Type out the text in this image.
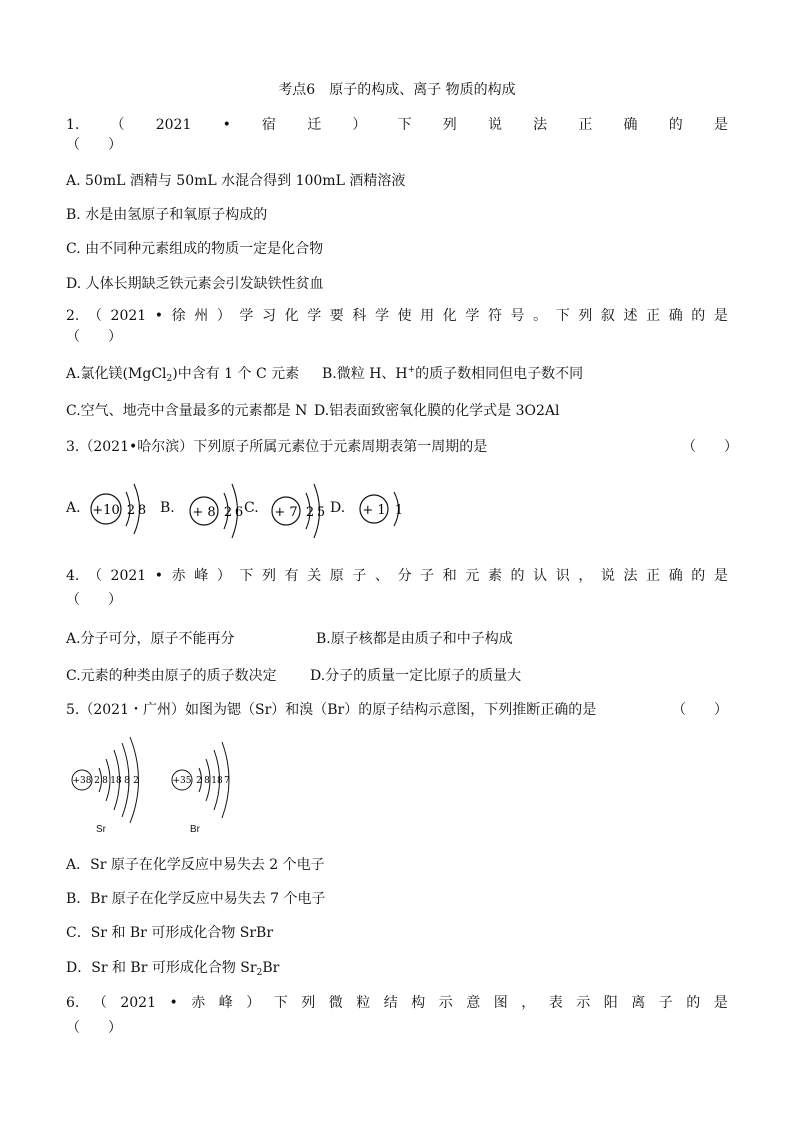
考点6　原子的构成、离子 物质的构成
1. （ 2021 • 宿 迁 ） 下 列 说 法 正 确 的 是
（　　）
A. 50mL 酒精与 50mL 水混合得到 100mL 酒精溶液
B. 水是由氢原子和氧原子构成的
C. 由不同种元素组成的物质一定是化合物
D. 人体长期缺乏铁元素会引发缺铁性贫血
2. （ 2021 • 徐 州 ） 学 习 化 学 要 科 学 使 用 化 学 符 号 。 下 列 叙 述 正 确 的 是
（　　）
A.氯化镁(MgCl$_2$)中含有 1 个 C 元素 B.微粒 H、H+的质子数相同但电子数不同
C.空气、地壳中含量最多的元素都是 N D.铝表面致密氧化膜的化学式是 3O2Al
3.（2021•哈尔滨）下列原子所属元素位于元素周期表第一周期的是	（　　）
A. +10 2 8 B. + 8 2 6 C. + 7 2 5 D. + 1 1
4. （ 2021 • 赤 峰 ） 下 列 有 关 原 子 、 分 子 和 元 素 的 认 识 ， 说 法 正 确 的 是
（　　）
A.分子可分，原子不能再分	B.原子核都是由质子和中子构成
C.元素的种类由原子的质子数决定 D.分子的质量一定比原子的质量大
5.（2021・广州）如图为锶（Sr）和溴（Br）的原子结构示意图，下列推断正确的是	（　　）
+38 2 8 18 8 2
Sr
+35 2 8 18 7
Br
A．Sr 原子在化学反应中易失去 2 个电子
B．Br 原子在化学反应中易失去 7 个电子
C．Sr 和 Br 可形成化合物 SrBr
D．Sr 和 Br 可形成化合物 $Sr_2Br$
6. （ 2021 • 赤 峰 ） 下 列 微 粒 结 构 示 意 图 ， 表 示 阳 离 子 的 是
（　　）
